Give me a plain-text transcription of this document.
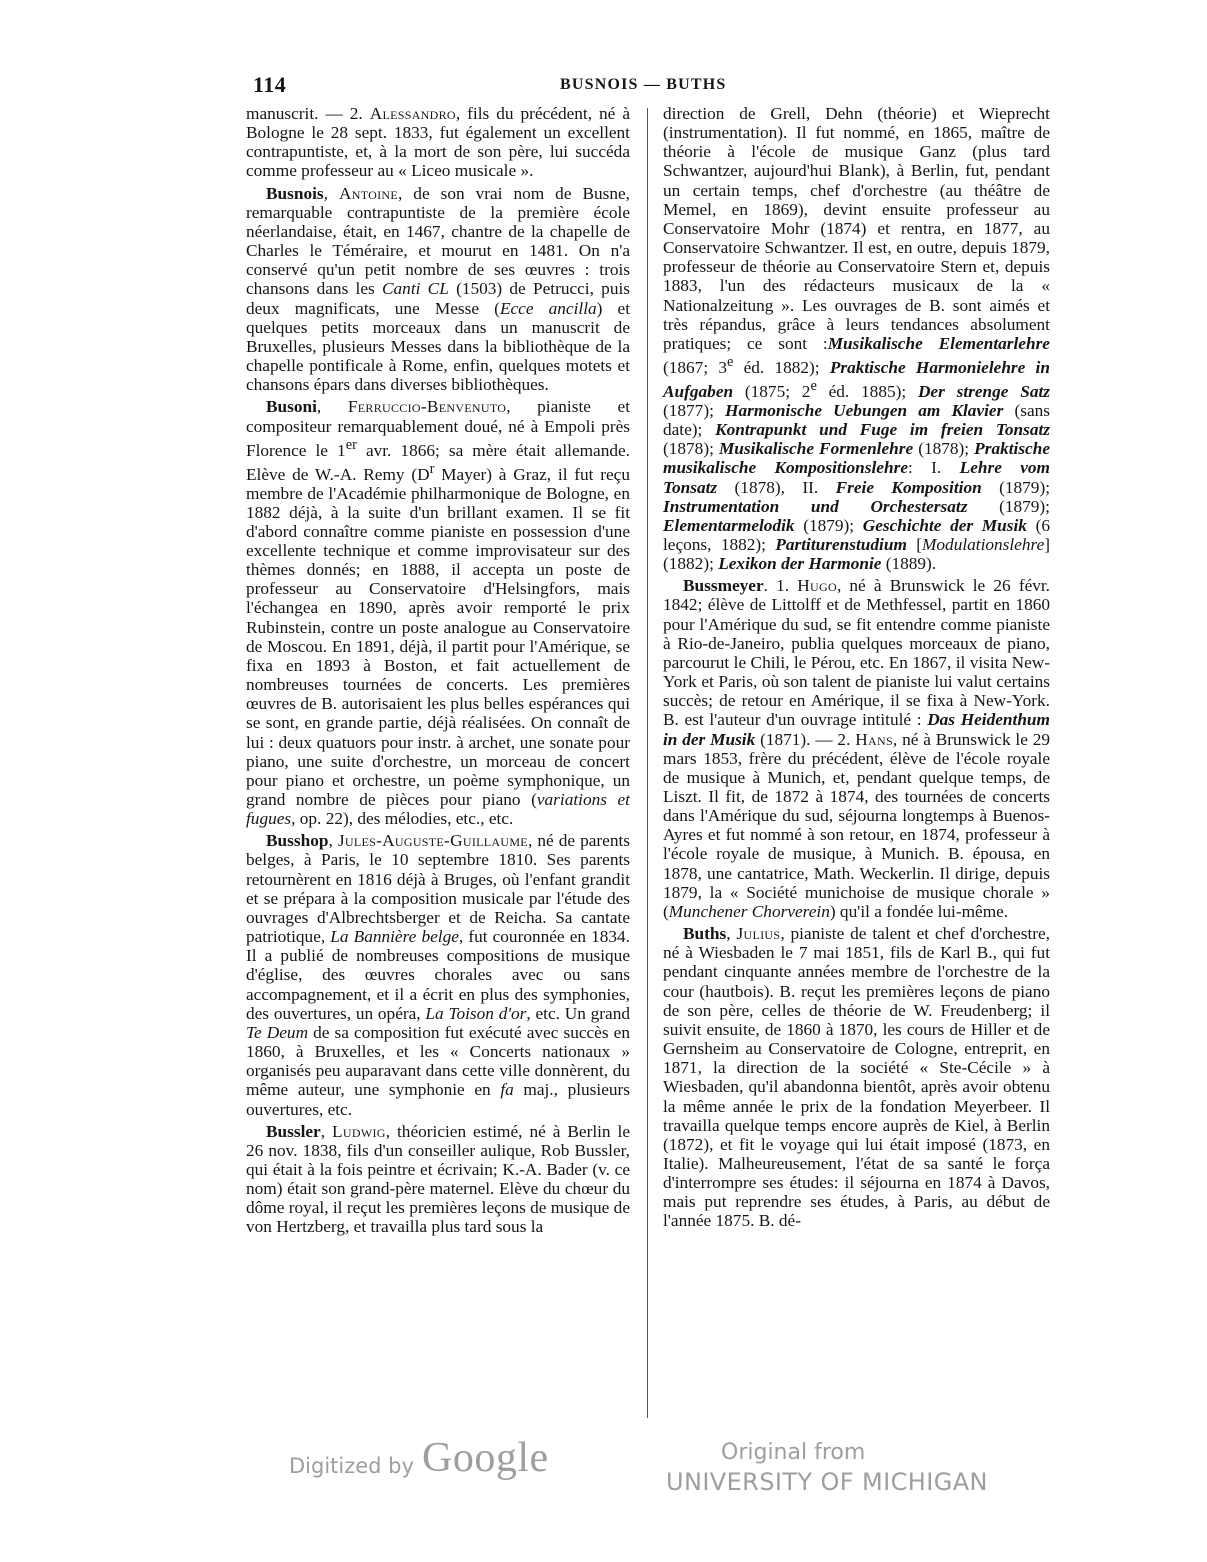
114	BUSNOIS — BUTHS

manuscrit. — 2. Alessandro, fils du précédent, né à Bologne le 28 sept. 1833, fut également un excellent contrapuntiste, et, à la mort de son père, lui succéda comme professeur au « Liceo musicale ».

Busnois, Antoine, de son vrai nom de Busne, remarquable contrapuntiste de la première école néerlandaise, était, en 1467, chantre de la chapelle de Charles le Téméraire, et mourut en 1481. On n'a conservé qu'un petit nombre de ses œuvres : trois chansons dans les Canti CL (1503) de Petrucci, puis deux magnificats, une Messe (Ecce ancilla) et quelques petits morceaux dans un manuscrit de Bruxelles, plusieurs Messes dans la bibliothèque de la chapelle pontificale à Rome, enfin, quelques motets et chansons épars dans diverses bibliothèques.

Busoni, Ferruccio-Benvenuto, pianiste et compositeur remarquablement doué, né à Empoli près Florence le 1er avr. 1866; sa mère était allemande. Elève de W.-A. Remy ($D^r$ Mayer) à Graz, il fut reçu membre de l'Académie philharmonique de Bologne, en 1882 déjà, à la suite d'un brillant examen. Il se fit d'abord connaître comme pianiste en possession d'une excellente technique et comme improvisateur sur des thèmes donnés; en 1888, il accepta un poste de professeur au Conservatoire d'Helsingfors, mais l'échangea en 1890, après avoir remporté le prix Rubinstein, contre un poste analogue au Conservatoire de Moscou. En 1891, déjà, il partit pour l'Amérique, se fixa en 1893 à Boston, et fait actuellement de nombreuses tournées de concerts. Les premières œuvres de B. autorisaient les plus belles espérances qui se sont, en grande partie, déjà réalisées. On connaît de lui : deux quatuors pour instr. à archet, une sonate pour piano, une suite d'orchestre, un morceau de concert pour piano et orchestre, un poème symphonique, un grand nombre de pièces pour piano (variations et fugues, op. 22), des mélodies, etc., etc.

Busshop, Jules-Auguste-Guillaume, né de parents belges, à Paris, le 10 septembre 1810. Ses parents retournèrent en 1816 déjà à Bruges, où l'enfant grandit et se prépara à la composition musicale par l'étude des ouvrages d'Albrechtsberger et de Reicha. Sa cantate patriotique, La Bannière belge, fut couronnée en 1834. Il a publié de nombreuses compositions de musique d'église, des œuvres chorales avec ou sans accompagnement, et il a écrit en plus des symphonies, des ouvertures, un opéra, La Toison d'or, etc. Un grand Te Deum de sa composition fut exécuté avec succès en 1860, à Bruxelles, et les « Concerts nationaux » organisés peu auparavant dans cette ville donnèrent, du même auteur, une symphonie en fa maj., plusieurs ouvertures, etc.

Bussler, Ludwig, théoricien estimé, né à Berlin le 26 nov. 1838, fils d'un conseiller aulique, Rob Bussler, qui était à la fois peintre et écrivain; K.-A. Bader (v. ce nom) était son grand-père maternel. Elève du chœur du dôme royal, il reçut les premières leçons de musique de von Hertzberg, et travailla plus tard sous la

direction de Grell, Dehn (théorie) et Wieprecht (instrumentation). Il fut nommé, en 1865, maître de théorie à l'école de musique Ganz (plus tard Schwantzer, aujourd'hui Blank), à Berlin, fut, pendant un certain temps, chef d'orchestre (au théâtre de Memel, en 1869), devint ensuite professeur au Conservatoire Mohr (1874) et rentra, en 1877, au Conservatoire Schwantzer. Il est, en outre, depuis 1879, professeur de théorie au Conservatoire Stern et, depuis 1883, l'un des rédacteurs musicaux de la « Nationalzeitung ». Les ouvrages de B. sont aimés et très répandus, grâce à leurs tendances absolument pratiques; ce sont :Musikalische Elementarlehre (1867; 3e éd. 1882); Praktische Harmonielehre in Aufgaben (1875; 2e éd. 1885); Der strenge Satz (1877); Harmonische Uebungen am Klavier (sans date); Kontrapunkt und Fuge im freien Tonsatz (1878); Musikalische Formenlehre (1878); Praktische musikalische Kompositionslehre: I. Lehre vom Tonsatz (1878), II. Freie Komposition (1879); Instrumentation und Orchestersatz (1879); Elementarmelodik (1879); Geschichte der Musik (6 leçons, 1882); Partiturenstudium [Modulationslehre] (1882); Lexikon der Harmonie (1889).

Bussmeyer. 1. Hugo, né à Brunswick le 26 févr. 1842; élève de Littolff et de Methfessel, partit en 1860 pour l'Amérique du sud, se fit entendre comme pianiste à Rio-de-Janeiro, publia quelques morceaux de piano, parcourut le Chili, le Pérou, etc. En 1867, il visita New-York et Paris, où son talent de pianiste lui valut certains succès; de retour en Amérique, il se fixa à New-York. B. est l'auteur d'un ouvrage intitulé : Das Heidenthum in der Musik (1871). — 2. Hans, né à Brunswick le 29 mars 1853, frère du précédent, élève de l'école royale de musique à Munich, et, pendant quelque temps, de Liszt. Il fit, de 1872 à 1874, des tournées de concerts dans l'Amérique du sud, séjourna longtemps à Buenos-Ayres et fut nommé à son retour, en 1874, professeur à l'école royale de musique, à Munich. B. épousa, en 1878, une cantatrice, Math. Weckerlin. Il dirige, depuis 1879, la « Société munichoise de musique chorale » (Munchener Chorverein) qu'il a fondée lui-même.

Buths, Julius, pianiste de talent et chef d'orchestre, né à Wiesbaden le 7 mai 1851, fils de Karl B., qui fut pendant cinquante années membre de l'orchestre de la cour (hautbois). B. reçut les premières leçons de piano de son père, celles de théorie de W. Freudenberg; il suivit ensuite, de 1860 à 1870, les cours de Hiller et de Gernsheim au Conservatoire de Cologne, entreprit, en 1871, la direction de la société « Ste-Cécile » à Wiesbaden, qu'il abandonna bientôt, après avoir obtenu la même année le prix de la fondation Meyerbeer. Il travailla quelque temps encore auprès de Kiel, à Berlin (1872), et fit le voyage qui lui était imposé (1873, en Italie). Malheureusement, l'état de sa santé le força d'interrompre ses études: il séjourna en 1874 à Davos, mais put reprendre ses études, à Paris, au début de l'année 1875. B. dé-

Digitized by Google	Original from
UNIVERSITY OF MICHIGAN
